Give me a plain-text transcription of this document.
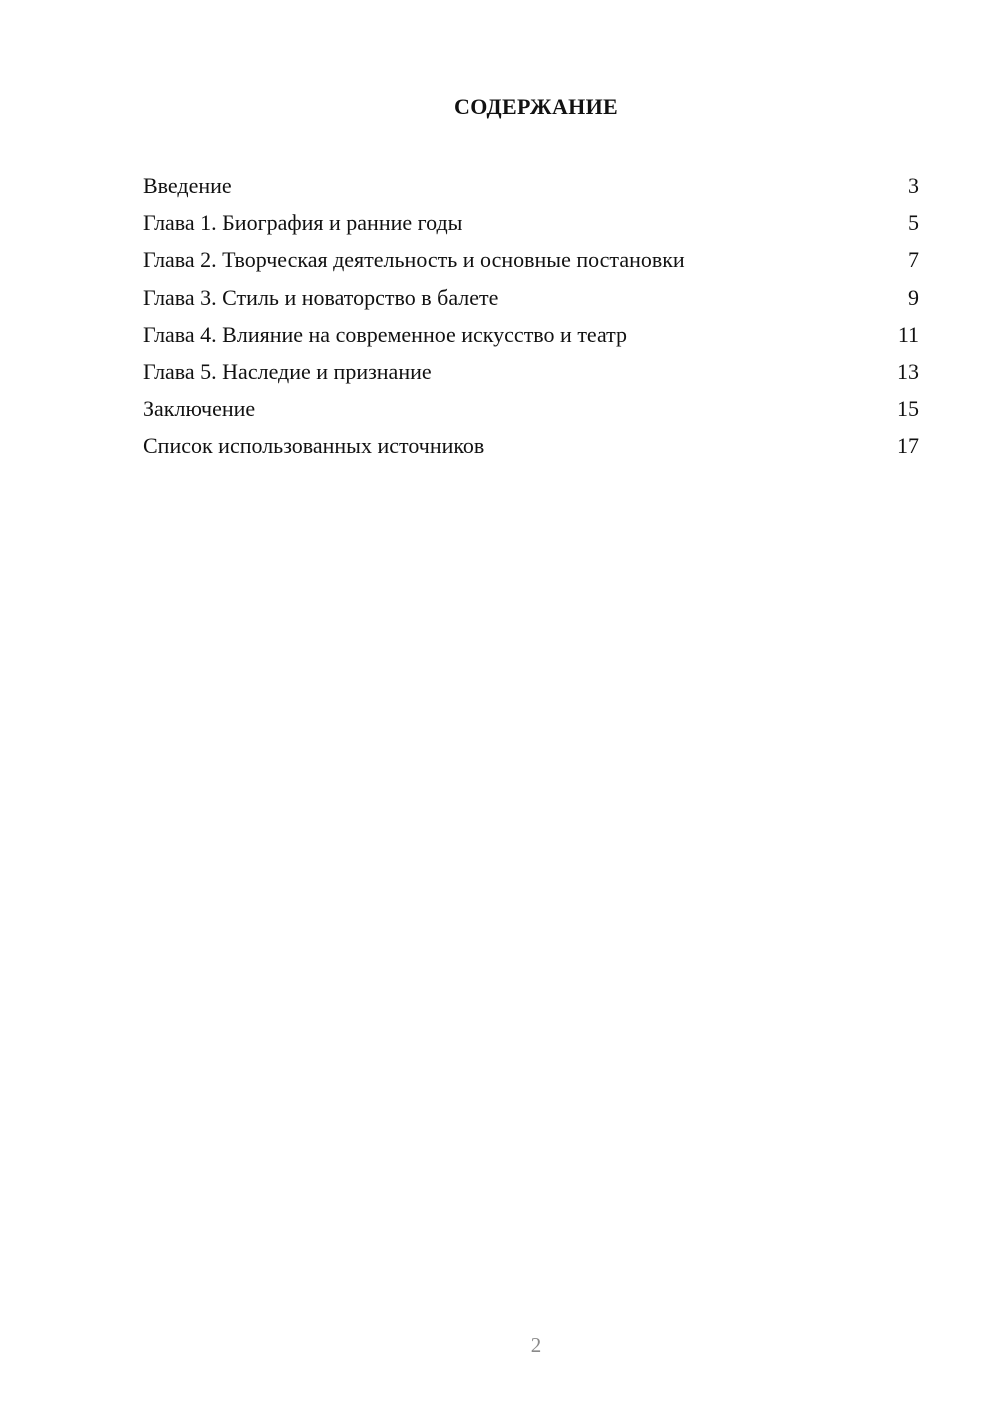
СОДЕРЖАНИЕ
Введение	3
Глава 1. Биография и ранние годы	5
Глава 2. Творческая деятельность и основные постановки	7
Глава 3. Стиль и новаторство в балете	9
Глава 4. Влияние на современное искусство и театр	11
Глава 5. Наследие и признание	13
Заключение	15
Список использованных источников	17
2
